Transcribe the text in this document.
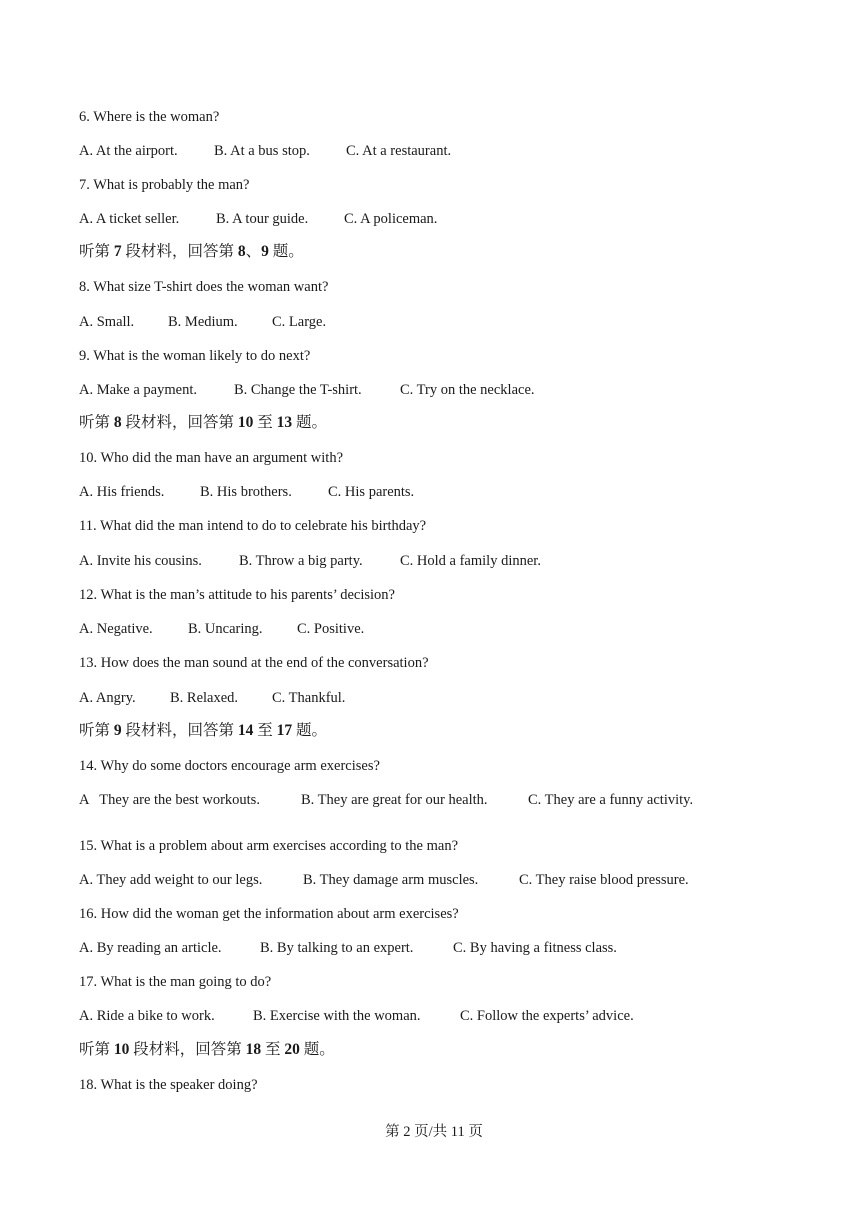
6. Where is the woman?
A. At the airport.	B. At a bus stop. C. At a restaurant.
7. What is probably the man?
A. A ticket seller.	B. A tour guide. C. A policeman.
听第 7 段材料，回答第 8、9 题。
8. What size T-shirt does the woman want?
A. Small. B. Medium. C. Large.
9. What is the woman likely to do next?
A. Make a payment.	B. Change the T-shirt.	C. Try on the necklace.
听第 8 段材料，回答第 10 至 13 题。
10. Who did the man have an argument with?
A. His friends. B. His brothers. C. His parents.
11. What did the man intend to do to celebrate his birthday?
A. Invite his cousins.	B. Throw a big party.	C. Hold a family dinner.
12. What is the man’s attitude to his parents’ decision?
A. Negative. B. Uncaring. C. Positive.
13. How does the man sound at the end of the conversation?
A. Angry. B. Relaxed. C. Thankful.
听第 9 段材料，回答第 14 至 17 题。
14. Why do some doctors encourage arm exercises?
A   They are the best workouts.	B. They are great for our health.	C. They are a funny activity.
15. What is a problem about arm exercises according to the man?
A. They add weight to our legs.	B. They damage arm muscles.	C. They raise blood pressure.
16. How did the woman get the information about arm exercises?
A. By reading an article.	B. By talking to an expert.	C. By having a fitness class.
17. What is the man going to do?
A. Ride a bike to work.	B. Exercise with the woman.	C. Follow the experts’ advice.
听第 10 段材料，回答第 18 至 20 题。
18. What is the speaker doing?
第 2 页/共 11 页
